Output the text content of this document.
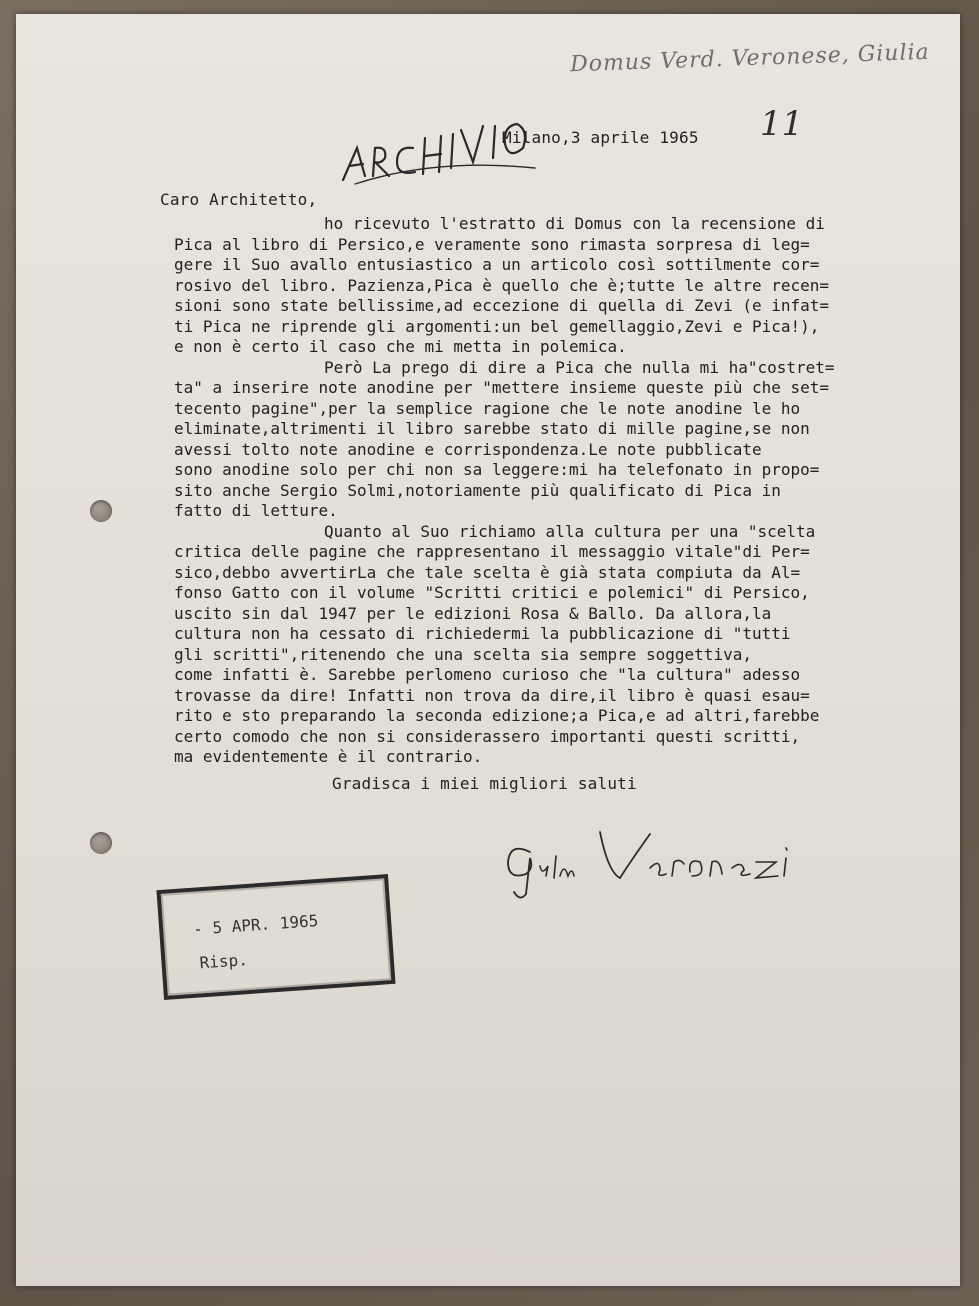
Domus Verd. Veronese, Giulia
Milano,3 aprile 1965 11
Caro Architetto,
ho ricevuto l'estratto di Domus con la recensione di
Pica al libro di Persico,e veramente sono rimasta sorpresa di leg=
gere il Suo avallo entusiastico a un articolo così sottilmente cor=
rosivo del libro. Pazienza,Pica è quello che è;tutte le altre recen=
sioni sono state bellissime,ad eccezione di quella di Zevi (e infat=
ti Pica ne riprende gli argomenti:un bel gemellaggio,Zevi e Pica!),
e non è certo il caso che mi metta in polemica.
Però La prego di dire a Pica che nulla mi ha"costret=
ta" a inserire note anodine per "mettere insieme queste più che set=
tecento pagine",per la semplice ragione che le note anodine le ho
eliminate,altrimenti il libro sarebbe stato di mille pagine,se non
avessi tolto note anodine e corrispondenza.Le note pubblicate
sono anodine solo per chi non sa leggere:mi ha telefonato in propo=
sito anche Sergio Solmi,notoriamente più qualificato di Pica in
fatto di letture.
Quanto al Suo richiamo alla cultura per una "scelta
critica delle pagine che rappresentano il messaggio vitale"di Per=
sico,debbo avvertirLa che tale scelta è già stata compiuta da Al=
fonso Gatto con il volume "Scritti critici e polemici" di Persico,
uscito sin dal 1947 per le edizioni Rosa & Ballo. Da allora,la
cultura non ha cessato di richiedermi la pubblicazione di "tutti
gli scritti",ritenendo che una scelta sia sempre soggettiva,
come infatti è. Sarebbe perlomeno curioso che "la cultura" adesso
trovasse da dire! Infatti non trova da dire,il libro è quasi esau=
rito e sto preparando la seconda edizione;a Pica,e ad altri,farebbe
certo comodo che non si considerassero importanti questi scritti,
ma evidentemente è il contrario.
Gradisca i miei migliori saluti
- 5 APR. 1965
Risp.
